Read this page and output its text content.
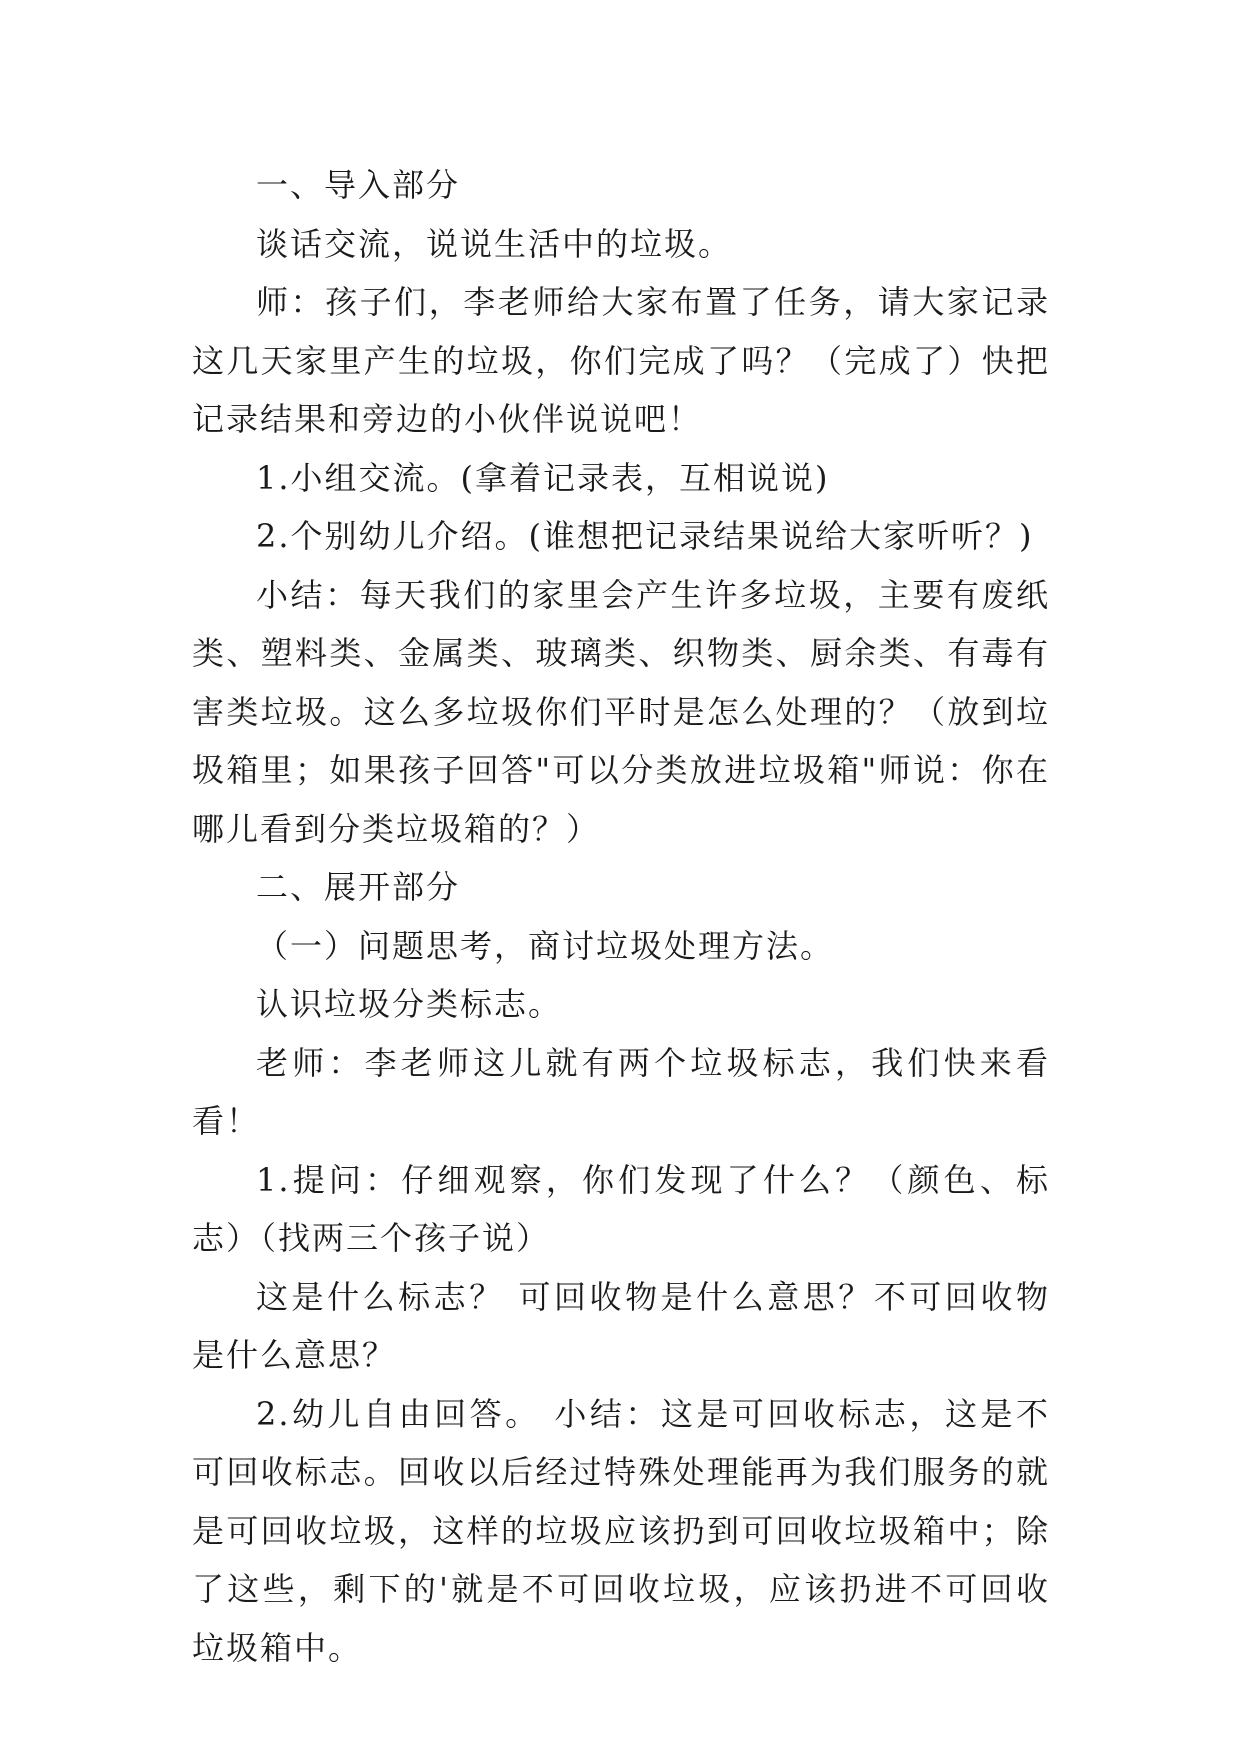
一、导入部分

谈话交流，说说生活中的垃圾。

师：孩子们，李老师给大家布置了任务，请大家记录这几天家里产生的垃圾，你们完成了吗？（完成了）快把记录结果和旁边的小伙伴说说吧！

1.小组交流。(拿着记录表，互相说说)

2.个别幼儿介绍。(谁想把记录结果说给大家听听？)

小结：每天我们的家里会产生许多垃圾，主要有废纸类、塑料类、金属类、玻璃类、织物类、厨余类、有毒有害类垃圾。这么多垃圾你们平时是怎么处理的？（放到垃圾箱里；如果孩子回答"可以分类放进垃圾箱"师说：你在哪儿看到分类垃圾箱的？）

二、展开部分

（一）问题思考，商讨垃圾处理方法。

认识垃圾分类标志。

老师：李老师这儿就有两个垃圾标志，我们快来看看！

1.提问：仔细观察，你们发现了什么？（颜色、标志）（找两三个孩子说）

这是什么标志？ 可回收物是什么意思？不可回收物是什么意思？

2.幼儿自由回答。 小结：这是可回收标志，这是不可回收标志。回收以后经过特殊处理能再为我们服务的就是可回收垃圾，这样的垃圾应该扔到可回收垃圾箱中；除了这些，剩下的'就是不可回收垃圾，应该扔进不可回收垃圾箱中。
